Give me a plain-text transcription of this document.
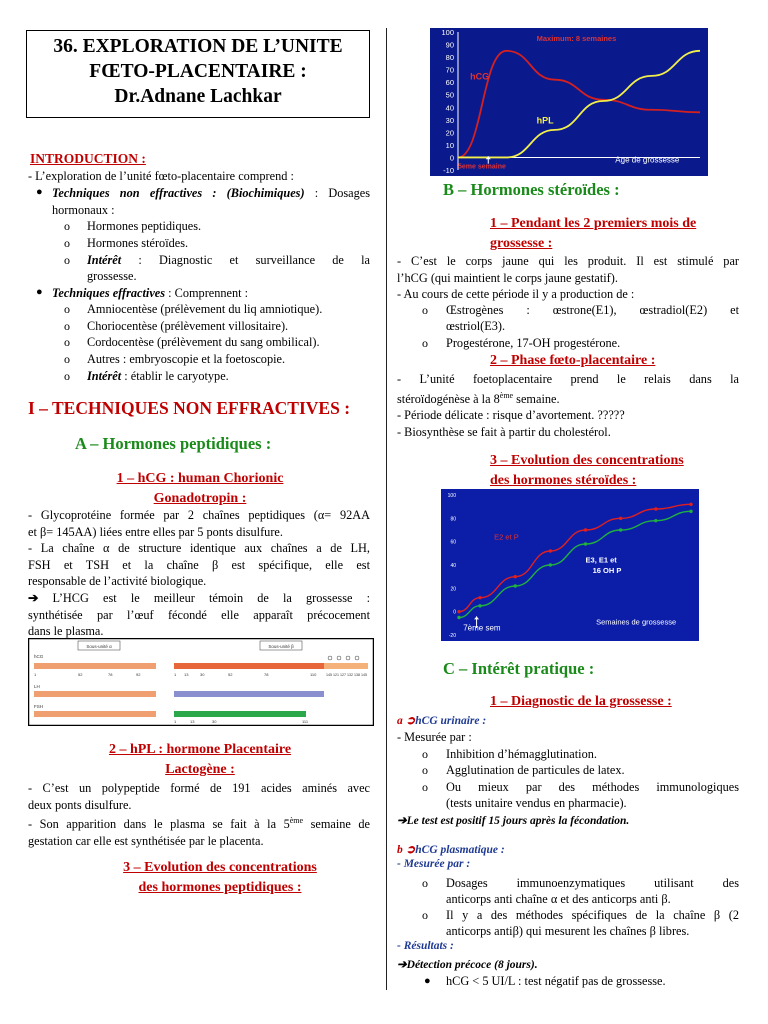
36. EXPLORATION DE L’UNITE
FŒTO-PLACENTAIRE :
Dr.Adnane Lachkar
INTRODUCTION :
- L’exploration de l’unité fœto-placentaire comprend :
● Techniques non effractives : (Biochimiques) : Dosages
hormonaux :
o Hormones peptidiques.
o Hormones stéroïdes.
o Intérêt : Diagnostic et surveillance de la
grossesse.
● Techniques effractives : Comprennent :
o Amniocentèse (prélèvement du liq amniotique).
o Choriocentèse (prélèvement villositaire).
o Cordocentèse (prélèvement du sang ombilical).
o Autres : embryoscopie et la foetoscopie.
o Intérêt : établir le caryotype.
I – TECHNIQUES NON EFFRACTIVES :
A – Hormones peptidiques :
1 – hCG : human Chorionic
Gonadotropin :
- Glycoprotéine formée par 2 chaînes peptidiques (α= 92AA
et β= 145AA) liées entre elles par 5 ponts disulfure.
- La chaîne α de structure identique aux chaînes a de LH,
FSH et TSH et la chaîne β est spécifique, elle est
responsable de l’activité biologique.
➔ L’HCG est le meilleur témoin de la grossesse :
synthétisée par l’œuf fécondé elle apparaît précocement
dans le plasma.
Sous-unité α	Sous-unité β
hCG
1	52	78	92	1 13	30	52	78	110	145 121 127 132 138 145
LH
FSH
1	13	30	111
2 – hPL : hormone Placentaire
Lactogène :
- C’est un polypeptide formé de 191 acides aminés avec
deux ponts disulfure.
- Son apparition dans le plasma se fait à la 5ème semaine de
gestation car elle est synthétisée par le placenta.
3 – Evolution des concentrations
des hormones peptidiques :
100
90
80
70
60
50
40
30
20
10
0
-10
hCG
hPL
Maximum: 8 semaines
Age de grossesse
5eme semaine
B – Hormones stéroïdes :
1 – Pendant les 2 premiers mois de
grossesse :
- C’est le corps jaune qui les produit. Il est stimulé par
l’hCG (qui maintient le corps jaune gestatif).
- Au cours de cette période il y a production de :
o Œstrogènes : œstrone(E1), œstradiol(E2) et
œstriol(E3).
o Progestérone, 17-OH progestérone.
2 – Phase fœto-placentaire :
- L’unité foetoplacentaire prend le relais dans la
stéroïdogénèse à la 8ème semaine.
- Période délicate : risque d’avortement. ?????
- Biosynthèse se fait à partir du cholestérol.
3 – Evolution des concentrations
des hormones stéroïdes :
100
80
60
40
20
0
-20
E2 et P
E3, E1 et
16 OH P
7ème sem
Semaines de grossesse
C – Intérêt pratique :
1 – Diagnostic de la grossesse :
a ➲hCG urinaire :
- Mesurée par :
o Inhibition d’hémagglutination.
o Agglutination de particules de latex.
o Ou mieux par des méthodes immunologiques
(tests unitaire vendus en pharmacie).
➔Le test est positif 15 jours après la fécondation.
b ➲hCG plasmatique :
- Mesurée par :
o Dosages immunoenzymatiques utilisant des
anticorps anti chaîne α et des anticorps anti β.
o Il y a des méthodes spécifiques de la chaîne β (2
anticorps antiβ) qui mesurent les chaînes β libres.
- Résultats :
➔Détection précoce (8 jours).
● hCG < 5 UI/L : test négatif pas de grossesse.
